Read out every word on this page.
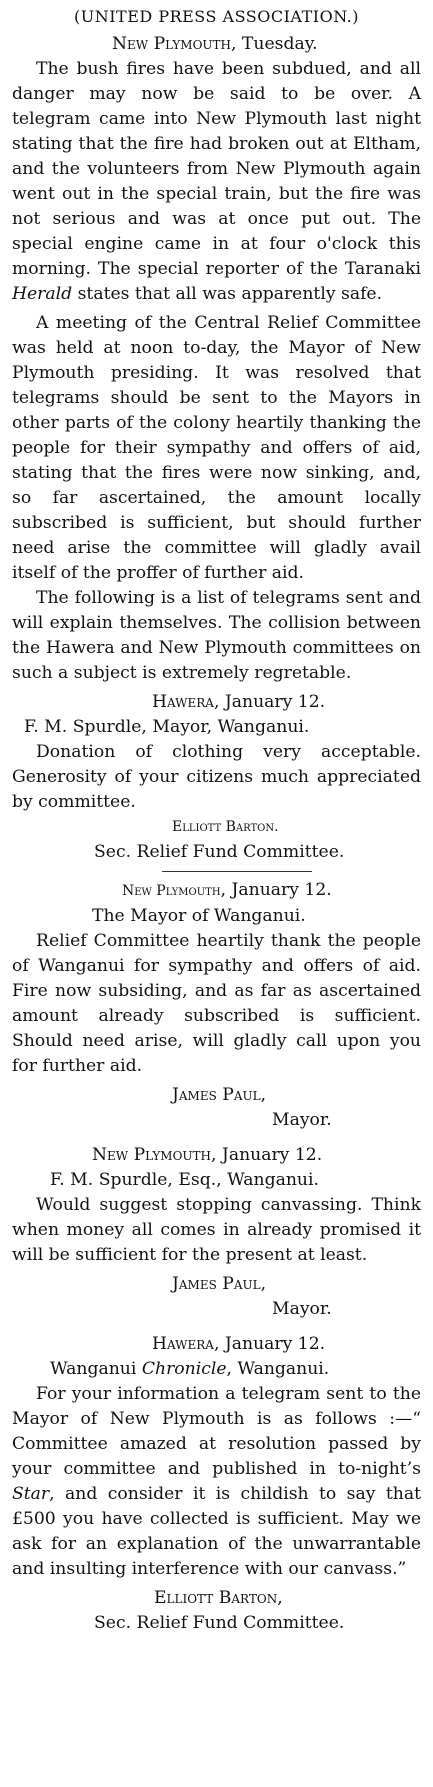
(UNITED PRESS ASSOCIATION.)

New Plymouth, Tuesday.

The bush fires have been subdued, and all danger may now be said to be over. A telegram came into New Plymouth last night stating that the fire had broken out at Eltham, and the volunteers from New Plymouth again went out in the special train, but the fire was not serious and was at once put out. The special engine came in at four o'clock this morning. The special reporter of the Taranaki Herald states that all was apparently safe.

A meeting of the Central Relief Committee was held at noon to-day, the Mayor of New Plymouth presiding. It was resolved that telegrams should be sent to the Mayors in other parts of the colony heartily thanking the people for their sympathy and offers of aid, stating that the fires were now sinking, and, so far ascertained, the amount locally subscribed is sufficient, but should further need arise the committee will gladly avail itself of the proffer of further aid.

The following is a list of telegrams sent and will explain themselves. The collision between the Hawera and New Plymouth committees on such a subject is extremely regretable.

Hawera, January 12.

F. M. Spurdle, Mayor, Wanganui.

Donation of clothing very acceptable. Generosity of your citizens much appreciated by committee.

Elliott Barton.

Sec. Relief Fund Committee.

New Plymouth, January 12.

The Mayor of Wanganui.

Relief Committee heartily thank the people of Wanganui for sympathy and offers of aid. Fire now subsiding, and as far as ascertained amount already subscribed is sufficient. Should need arise, will gladly call upon you for further aid.

James Paul,

Mayor.

New Plymouth, January 12.

F. M. Spurdle, Esq., Wanganui.

Would suggest stopping canvassing. Think when money all comes in already promised it will be sufficient for the present at least.

James Paul,

Mayor.

Hawera, January 12.

Wanganui Chronicle, Wanganui.

For your information a telegram sent to the Mayor of New Plymouth is as follows :—“ Committee amazed at resolution passed by your committee and published in to-night’s Star, and consider it is childish to say that £500 you have collected is sufficient. May we ask for an explanation of the unwarrantable and insulting interference with our canvass.”

Elliott Barton,

Sec. Relief Fund Committee.
